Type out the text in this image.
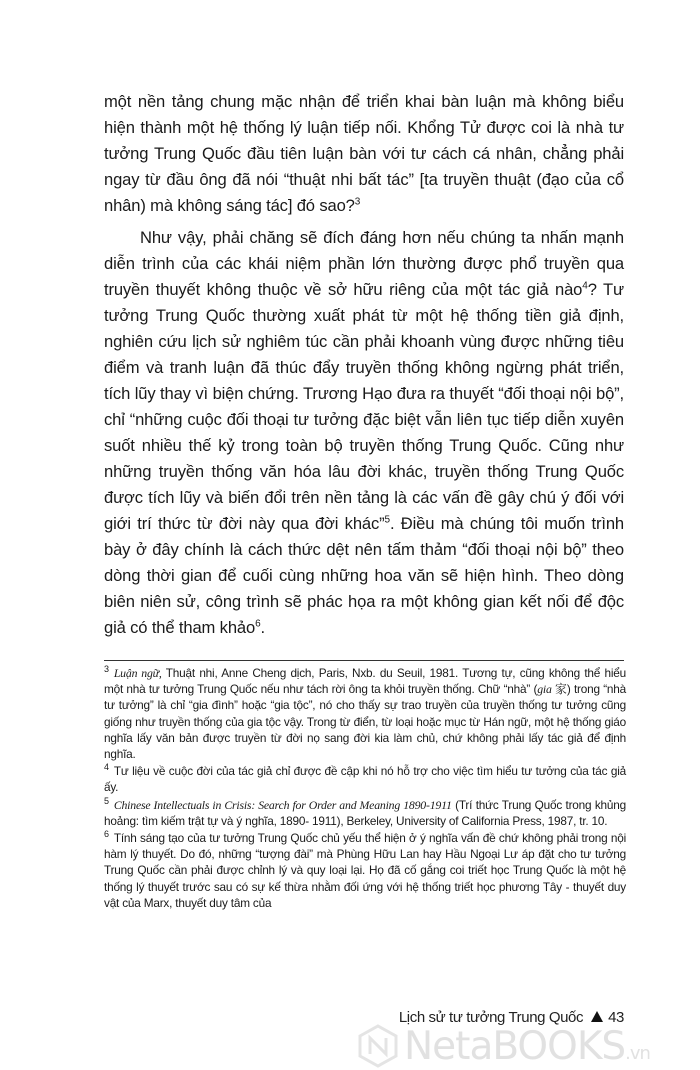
một nền tảng chung mặc nhận để triển khai bàn luận mà không biểu hiện thành một hệ thống lý luận tiếp nối. Khổng Tử được coi là nhà tư tưởng Trung Quốc đầu tiên luận bàn với tư cách cá nhân, chẳng phải ngay từ đầu ông đã nói “thuật nhi bất tác” [ta truyền thuật (đạo của cổ nhân) mà không sáng tác] đó sao?$^3$

Như vậy, phải chăng sẽ đích đáng hơn nếu chúng ta nhấn mạnh diễn trình của các khái niệm phần lớn thường được phổ truyền qua truyền thuyết không thuộc về sở hữu riêng của một tác giả nào$^4$? Tư tưởng Trung Quốc thường xuất phát từ một hệ thống tiền giả định, nghiên cứu lịch sử nghiêm túc cần phải khoanh vùng được những tiêu điểm và tranh luận đã thúc đẩy truyền thống không ngừng phát triển, tích lũy thay vì biện chứng. Trương Hạo đưa ra thuyết “đối thoại nội bộ”, chỉ “những cuộc đối thoại tư tưởng đặc biệt vẫn liên tục tiếp diễn xuyên suốt nhiều thế kỷ trong toàn bộ truyền thống Trung Quốc. Cũng như những truyền thống văn hóa lâu đời khác, truyền thống Trung Quốc được tích lũy và biến đổi trên nền tảng là các vấn đề gây chú ý đối với giới trí thức từ đời này qua đời khác”$^5$. Điều mà chúng tôi muốn trình bày ở đây chính là cách thức dệt nên tấm thảm “đối thoại nội bộ” theo dòng thời gian để cuối cùng những hoa văn sẽ hiện hình. Theo dòng biên niên sử, công trình sẽ phác họa ra một không gian kết nối để độc giả có thể tham khảo$^6$.

$^3$ Luận ngữ, Thuật nhi, Anne Cheng dịch, Paris, Nxb. du Seuil, 1981. Tương tự, cũng không thể hiểu một nhà tư tưởng Trung Quốc nếu như tách rời ông ta khỏi truyền thống. Chữ “nhà” (gia 家) trong “nhà tư tưởng” là chỉ “gia đình” hoặc “gia tộc”, nó cho thấy sự trao truyền của truyền thống tư tưởng cũng giống như truyền thống của gia tộc vậy. Trong từ điển, từ loại hoặc mục từ Hán ngữ, một hệ thống giáo nghĩa lấy văn bản được truyền từ đời nọ sang đời kia làm chủ, chứ không phải lấy tác giả để định nghĩa.

$^4$ Tư liệu về cuộc đời của tác giả chỉ được đề cập khi nó hỗ trợ cho việc tìm hiểu tư tưởng của tác giả ấy.

$^5$ Chinese Intellectuals in Crisis: Search for Order and Meaning 1890-1911 (Trí thức Trung Quốc trong khủng hoảng: tìm kiếm trật tự và ý nghĩa, 1890‑ 1911), Berkeley, University of California Press, 1987, tr. 10.

$^6$ Tính sáng tạo của tư tưởng Trung Quốc chủ yếu thể hiện ở ý nghĩa vấn đề chứ không phải trong nội hàm lý thuyết. Do đó, những “tượng đài” mà Phùng Hữu Lan hay Hầu Ngoại Lư áp đặt cho tư tưởng Trung Quốc cần phải được chỉnh lý và quy loại lại. Họ đã cố gắng coi triết học Trung Quốc là một hệ thống lý thuyết trước sau có sự kế thừa nhằm đối ứng với hệ thống triết học phương Tây ‑ thuyết duy vật của Marx, thuyết duy tâm của

Lịch sử tư tưởng Trung Quốc 43
NetaBOOKS.vn
